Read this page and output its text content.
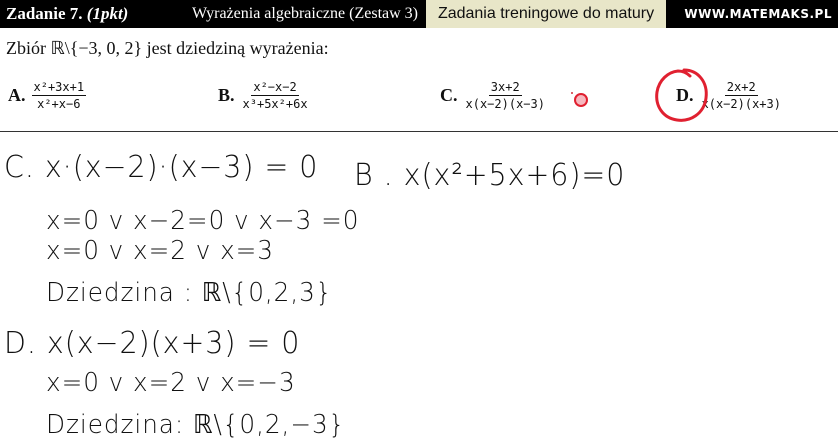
Zadanie 7.
(1pkt)	Wyrażenia algebraiczne (Zestaw 3)	Zadania treningowe do matury	WWW.MATEMAKS.PL
Zbiór ℝ\{−3, 0, 2} jest dziedziną wyrażenia:
A. $\frac{\text{x²+3x+1}}{\text{x²+x−6}}$	B. $\frac{\text{x²−x−2}}{\text{x³+5x²+6x}}$	C. $\frac{3x+2}{x(x-2)(x-3)}$	D. $\frac{2x+2}{x(x-2)(x+3)}$
C. x·(x−2)·(x−3) = 0 B . x(x²+5x+6)=0
x=0 v x−2=0 v x−3 =0
x=0 v x=2 v x=3
Dziedzina : ℝ\{0,2,3}
D. x(x−2)(x+3) = 0
x=0 v x=2 v x=−3
Dziedzina: ℝ\{0,2,−3}
